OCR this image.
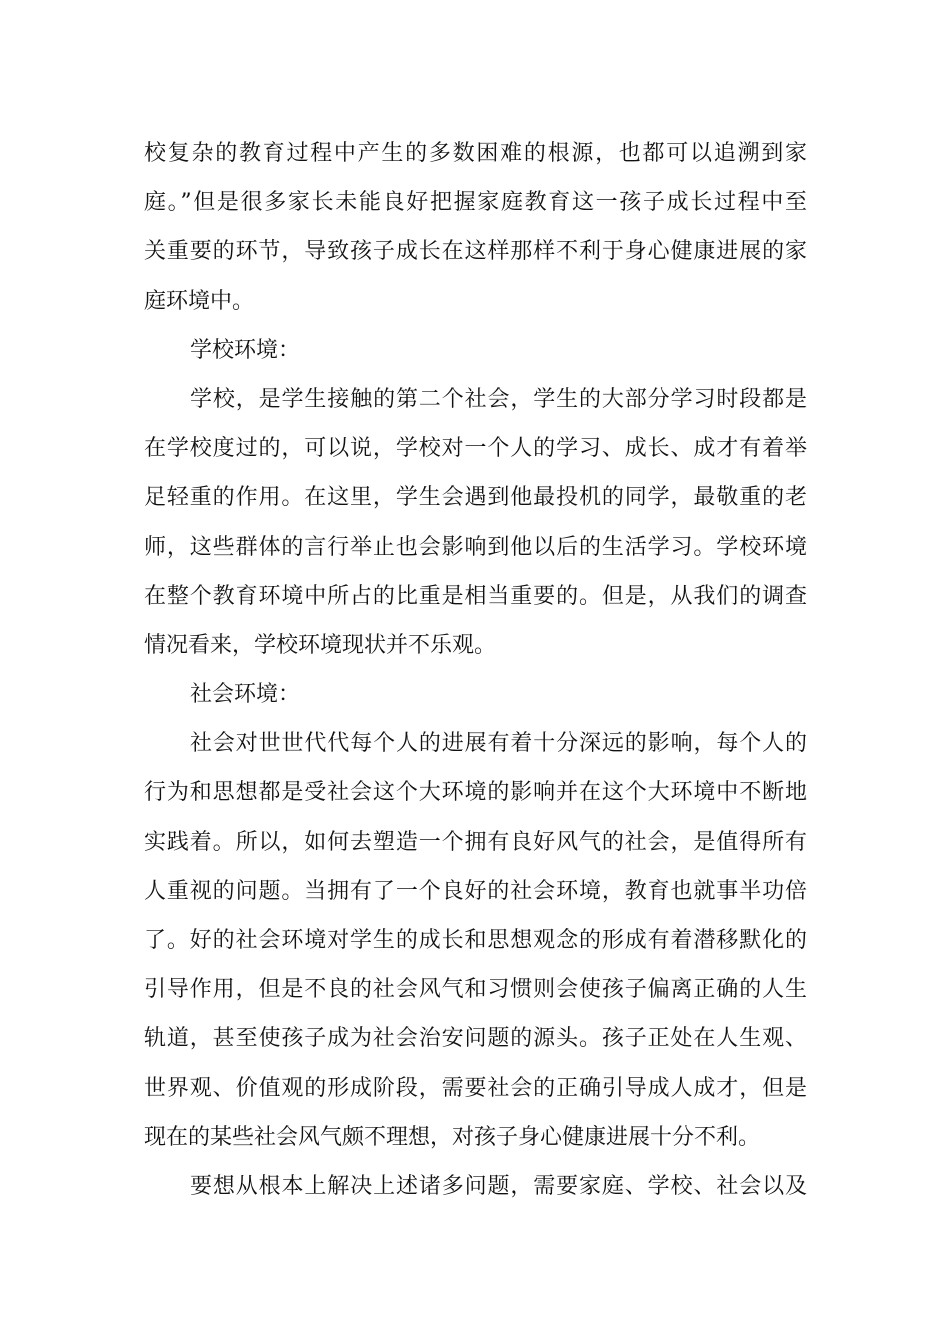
校复杂的教育过程中产生的多数困难的根源，也都可以追溯到家
庭。”但是很多家长未能良好把握家庭教育这一孩子成长过程中至
关重要的环节，导致孩子成长在这样那样不利于身心健康进展的家
庭环境中。
学校环境：
学校，是学生接触的第二个社会，学生的大部分学习时段都是
在学校度过的，可以说，学校对一个人的学习、成长、成才有着举
足轻重的作用。在这里，学生会遇到他最投机的同学，最敬重的老
师，这些群体的言行举止也会影响到他以后的生活学习。学校环境
在整个教育环境中所占的比重是相当重要的。但是，从我们的调查
情况看来，学校环境现状并不乐观。
社会环境：
社会对世世代代每个人的进展有着十分深远的影响，每个人的
行为和思想都是受社会这个大环境的影响并在这个大环境中不断地
实践着。所以，如何去塑造一个拥有良好风气的社会，是值得所有
人重视的问题。当拥有了一个良好的社会环境，教育也就事半功倍
了。好的社会环境对学生的成长和思想观念的形成有着潜移默化的
引导作用，但是不良的社会风气和习惯则会使孩子偏离正确的人生
轨道，甚至使孩子成为社会治安问题的源头。孩子正处在人生观、
世界观、价值观的形成阶段，需要社会的正确引导成人成才，但是
现在的某些社会风气颇不理想，对孩子身心健康进展十分不利。
要想从根本上解决上述诸多问题，需要家庭、学校、社会以及
